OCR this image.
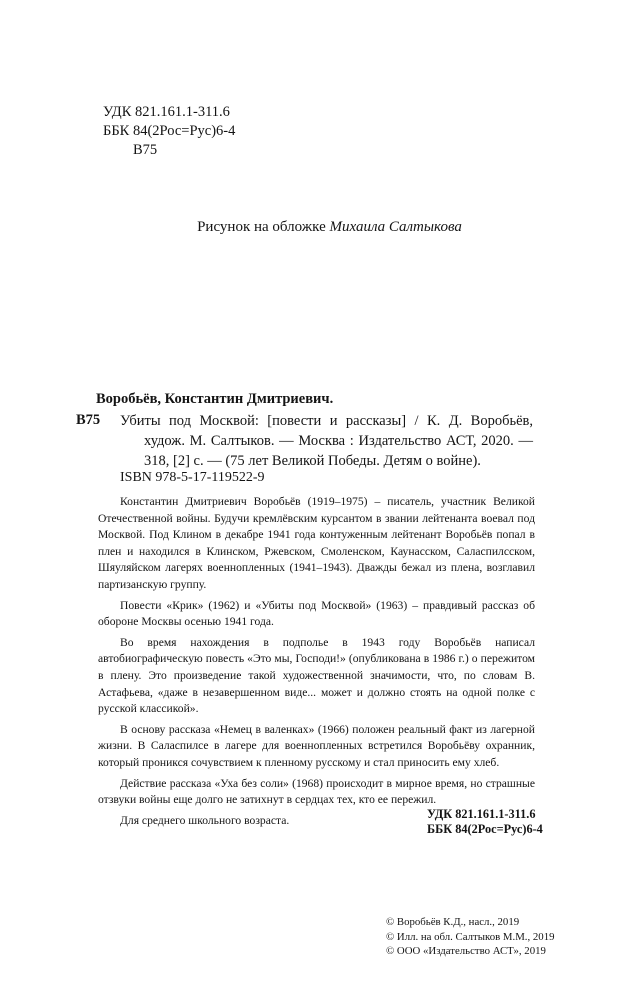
УДК 821.161.1-311.6
ББК 84(2Рос=Рус)6-4
В75
Рисунок на обложке Михаила Салтыкова
Воробьёв, Константин Дмитриевич.
В75 Убиты под Москвой: [повести и рассказы] / К. Д. Воробьёв, худож. М. Салтыков. — Москва : Издательство АСТ, 2020. — 318, [2] с. — (75 лет Великой Победы. Детям о войне).

ISBN 978-5-17-119522-9

Константин Дмитриевич Воробьёв (1919–1975) – писатель, участник Великой Отечественной войны. Будучи кремлёвским курсантом в звании лейтенанта воевал под Москвой. Под Клином в декабре 1941 года контуженным лейтенант Воробьёв попал в плен и находился в Клинском, Ржевском, Смоленском, Каунасском, Саласпилсском, Шяуляйском лагерях военнопленных (1941–1943). Дважды бежал из плена, возглавил партизанскую группу.

Повести «Крик» (1962) и «Убиты под Москвой» (1963) – правдивый рассказ об обороне Москвы осенью 1941 года.

Во время нахождения в подполье в 1943 году Воробьёв написал автобиографическую повесть «Это мы, Господи!» (опубликована в 1986 г.) о пережитом в плену. Это произведение такой художественной значимости, что, по словам В. Астафьева, «даже в незавершенном виде... может и должно стоять на одной полке с русской классикой».

В основу рассказа «Немец в валенках» (1966) положен реальный факт из лагерной жизни. В Саласпилсе в лагере для военнопленных встретился Воробьёву охранник, который проникся сочувствием к пленному русскому и стал приносить ему хлеб.

Действие рассказа «Уха без соли» (1968) происходит в мирное время, но страшные отзвуки войны еще долго не затихнут в сердцах тех, кто ее пережил.

Для среднего школьного возраста.	УДК 821.161.1-311.6
ББК 84(2Рос=Рус)6-4
© Воробьёв К.Д., насл., 2019
© Илл. на обл. Салтыков М.М., 2019
© ООО «Издательство АСТ», 2019
